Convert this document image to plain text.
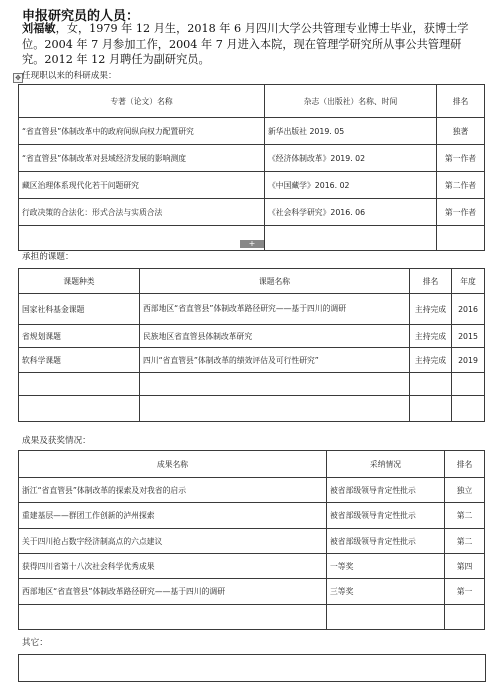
申报研究员的人员：
刘福敏，女，1979 年 12 月生，2018 年 6 月四川大学公共管理专业博士毕业，获博士学位。2004 年 7 月参加工作，2004 年 7 月进入本院，现在管理学研究所从事公共管理研究。2012 年 12 月聘任为副研究员。
✥ 任现职以来的科研成果：
专著（论文）名称	杂志（出版社）名称、时间	排名
“省直管县”体制改革中的政府间纵向权力配置研究	新华出版社 2019. 05	独著
“省直管县”体制改革对县域经济发展的影响测度	《经济体制改革》2019. 02	第一作者
藏区治理体系现代化若干问题研究	《中国藏学》2016. 02	第二作者
行政决策的合法化：形式合法与实质合法	《社会科学研究》2016. 06	第一作者

+
承担的课题：
课题种类	课题名称	排名	年度
国家社科基金课题	西部地区“省直管县”体制改革路径研究——基于四川的调研	主持完成	2016
省规划课题	民族地区省直管县体制改革研究	主持完成	2015
软科学课题	四川“省直管县”体制改革的绩效评估及可行性研究”	主持完成	2019

成果及获奖情况：
成果名称	采纳情况	排名
浙江“省直管县”体制改革的探索及对我省的启示	被省部级领导肯定性批示	独立
重建基层——群团工作创新的泸州探索	被省部级领导肯定性批示	第二
关于四川抢占数字经济制高点的六点建议	被省部级领导肯定性批示	第二
获得四川省第十八次社会科学优秀成果	一等奖	第四
西部地区“省直管县”体制改革路径研究——基于四川的调研	三等奖	第一

其它：
